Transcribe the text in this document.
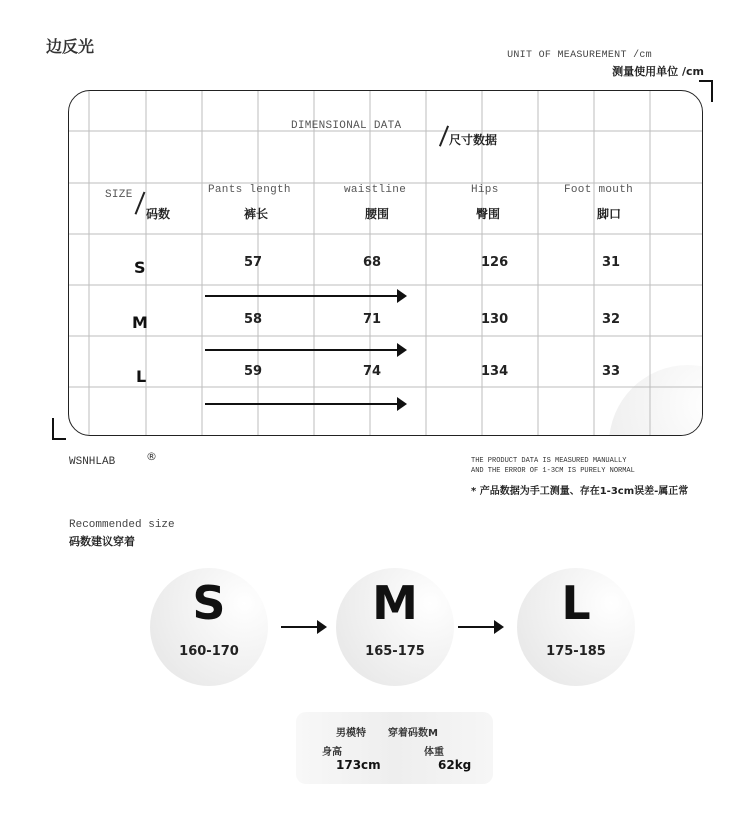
边反光	UNIT OF MEASUREMENT /cm
测量使用单位 /cm
DIMENSIONAL DATA
尺寸数据
SIZE
码数
Pants length
裤长
waistline
腰围
Hips
臀围
Foot mouth
脚口
S	57	68	126	31
M	58	71	130	32
L	59	74	134	33
WSNHLAB	®	THE PRODUCT DATA IS MEASURED MANUALLY
AND THE ERROR OF 1-3CM IS PURELY NORMAL
* 产品数据为手工测量、存在1-3cm误差-属正常
Recommended size
码数建议穿着
S
160-170
M
165-175
L
175-185
男模特 穿着码数M
身高
173cm
体重
62kg
